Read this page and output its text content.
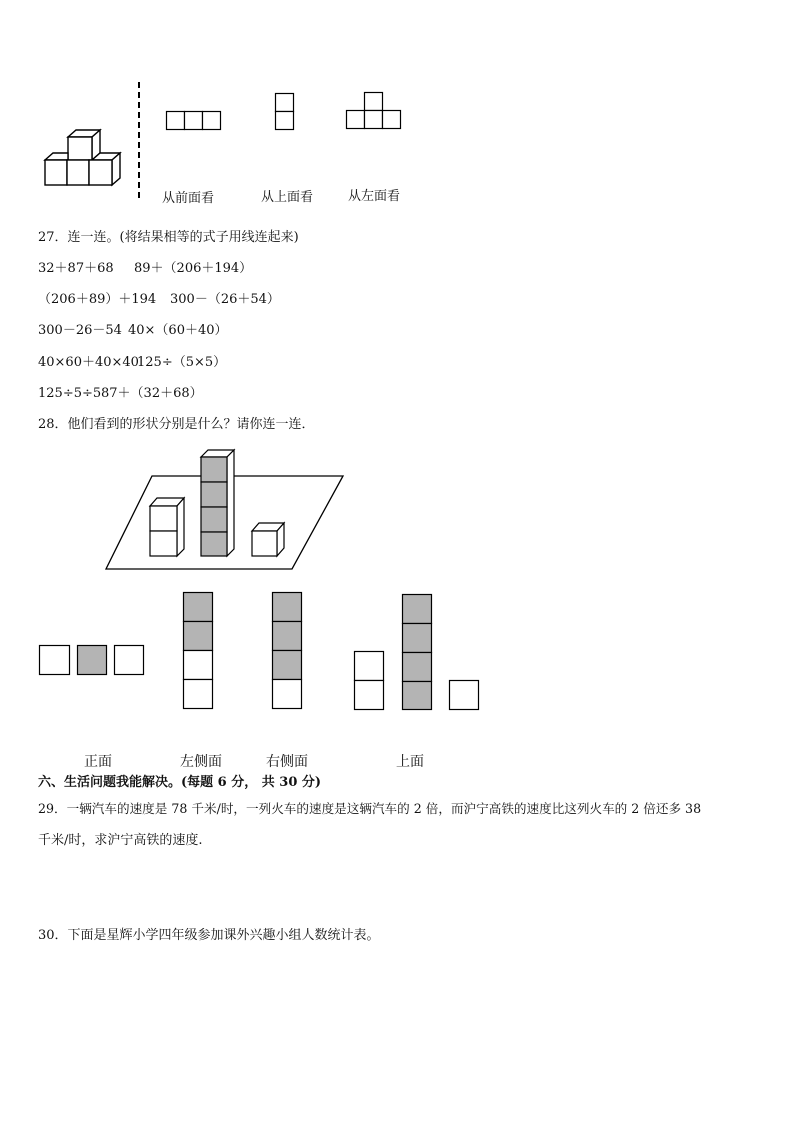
从前面看	从上面看	从左面看
27．连一连。(将结果相等的式子用线连起来)
32＋87＋68 89＋（206＋194）
（206＋89）＋194 300－（26＋54）
300－26－54 40×（60＋40）
40×60＋40×40
125÷（5×5）
125÷5÷5 87＋（32＋68）
28．他们看到的形状分别是什么？请你连一连．
正面	左侧面	右侧面	上面
六、生活问题我能解决。(每题 6 分， 共 30 分)
29．一辆汽车的速度是 78 千米/时，一列火车的速度是这辆汽车的 2 倍，而沪宁高铁的速度比这列火车的 2 倍还多 38
千米/时，求沪宁高铁的速度.
30．下面是星辉小学四年级参加课外兴趣小组人数统计表。
